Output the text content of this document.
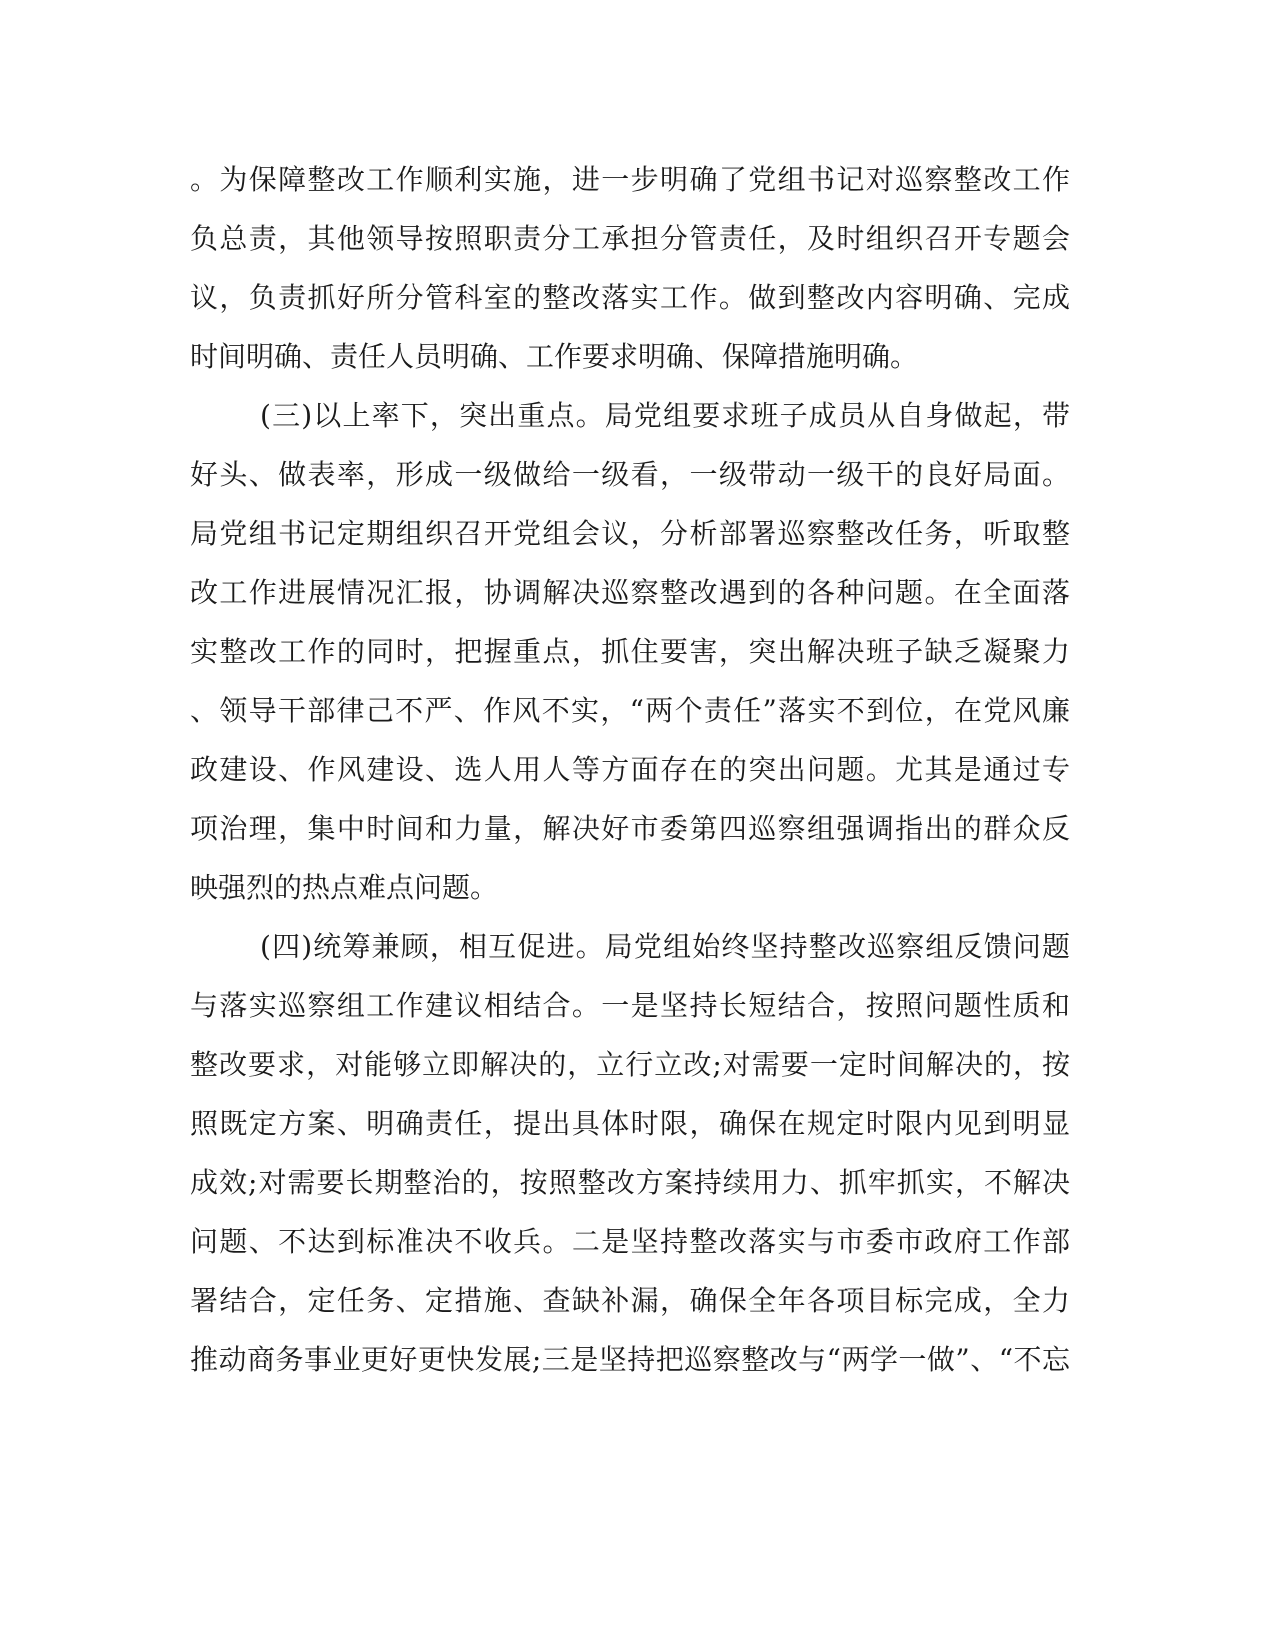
。为保障整改工作顺利实施，进一步明确了党组书记对巡察整改工作
负总责，其他领导按照职责分工承担分管责任，及时组织召开专题会
议，负责抓好所分管科室的整改落实工作。做到整改内容明确、完成
时间明确、责任人员明确、工作要求明确、保障措施明确。
(三)以上率下，突出重点。局党组要求班子成员从自身做起，带
好头、做表率，形成一级做给一级看，一级带动一级干的良好局面。
局党组书记定期组织召开党组会议，分析部署巡察整改任务，听取整
改工作进展情况汇报，协调解决巡察整改遇到的各种问题。在全面落
实整改工作的同时，把握重点，抓住要害，突出解决班子缺乏凝聚力
、领导干部律己不严、作风不实，“两个责任”落实不到位，在党风廉
政建设、作风建设、选人用人等方面存在的突出问题。尤其是通过专
项治理，集中时间和力量，解决好市委第四巡察组强调指出的群众反
映强烈的热点难点问题。
(四)统筹兼顾，相互促进。局党组始终坚持整改巡察组反馈问题
与落实巡察组工作建议相结合。一是坚持长短结合，按照问题性质和
整改要求，对能够立即解决的，立行立改;对需要一定时间解决的，按
照既定方案、明确责任，提出具体时限，确保在规定时限内见到明显
成效;对需要长期整治的，按照整改方案持续用力、抓牢抓实，不解决
问题、不达到标准决不收兵。二是坚持整改落实与市委市政府工作部
署结合，定任务、定措施、查缺补漏，确保全年各项目标完成，全力
推动商务事业更好更快发展;三是坚持把巡察整改与“两学一做”、“不忘
